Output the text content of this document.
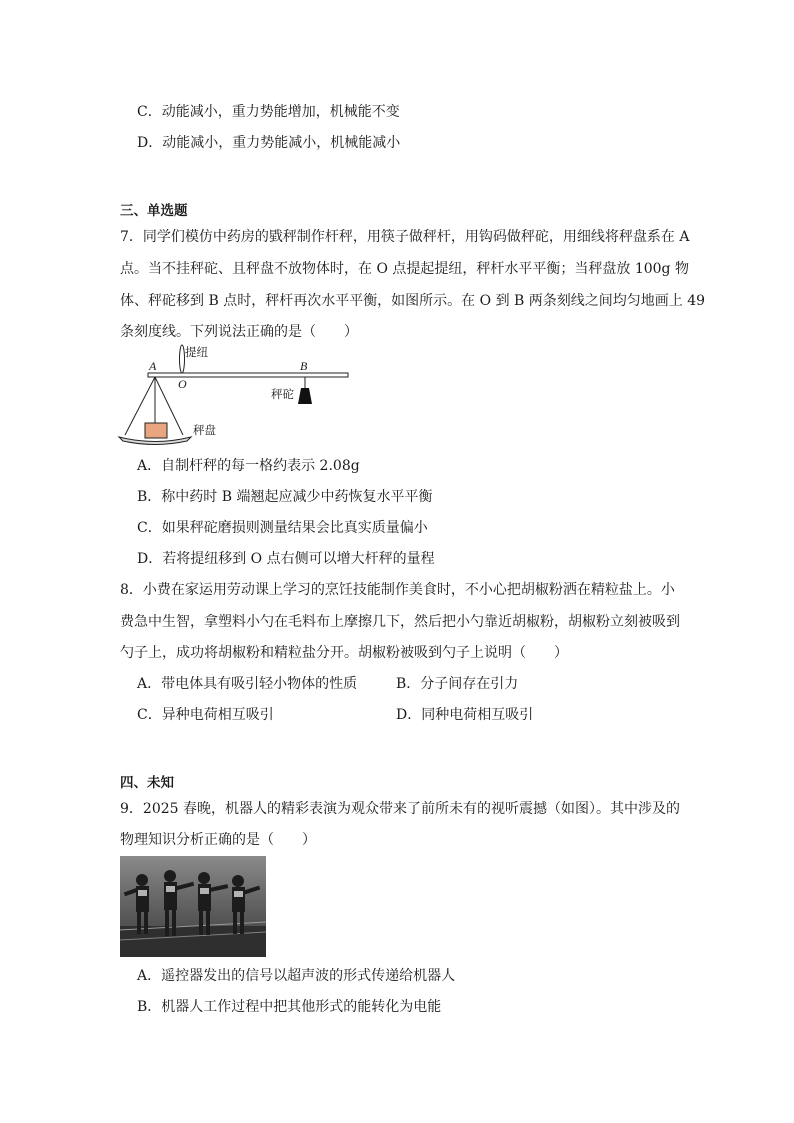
C．动能减小，重力势能增加，机械能不变
D．动能减小，重力势能减小，机械能减小
三、单选题
7．同学们模仿中药房的戥秤制作杆秤，用筷子做秤杆，用钩码做秤砣，用细线将秤盘系在 A
点。当不挂秤砣、且秤盘不放物体时，在 O 点提起提纽，秤杆水平平衡；当秤盘放 100g 物
体、秤砣移到 B 点时，秤杆再次水平平衡，如图所示。在 O 到 B 两条刻线之间均匀地画上 49
条刻度线。下列说法正确的是（　　）
A
O
B
提纽
秤砣
秤盘
A．自制杆秤的每一格约表示 2.08g
B．称中药时 B 端翘起应减少中药恢复水平平衡
C．如果秤砣磨损则测量结果会比真实质量偏小
D．若将提纽移到 O 点右侧可以增大杆秤的量程
8．小费在家运用劳动课上学习的烹饪技能制作美食时，不小心把胡椒粉洒在精粒盐上。小
费急中生智，拿塑料小勺在毛料布上摩擦几下，然后把小勺靠近胡椒粉，胡椒粉立刻被吸到
勺子上，成功将胡椒粉和精粒盐分开。胡椒粉被吸到勺子上说明（　　）
A．带电体具有吸引轻小物体的性质	B．分子间存在引力
C．异种电荷相互吸引	D．同种电荷相互吸引
四、未知
9．2025 春晚，机器人的精彩表演为观众带来了前所未有的视听震撼（如图）。其中涉及的
物理知识分析正确的是（　　）
A．遥控器发出的信号以超声波的形式传递给机器人
B．机器人工作过程中把其他形式的能转化为电能
